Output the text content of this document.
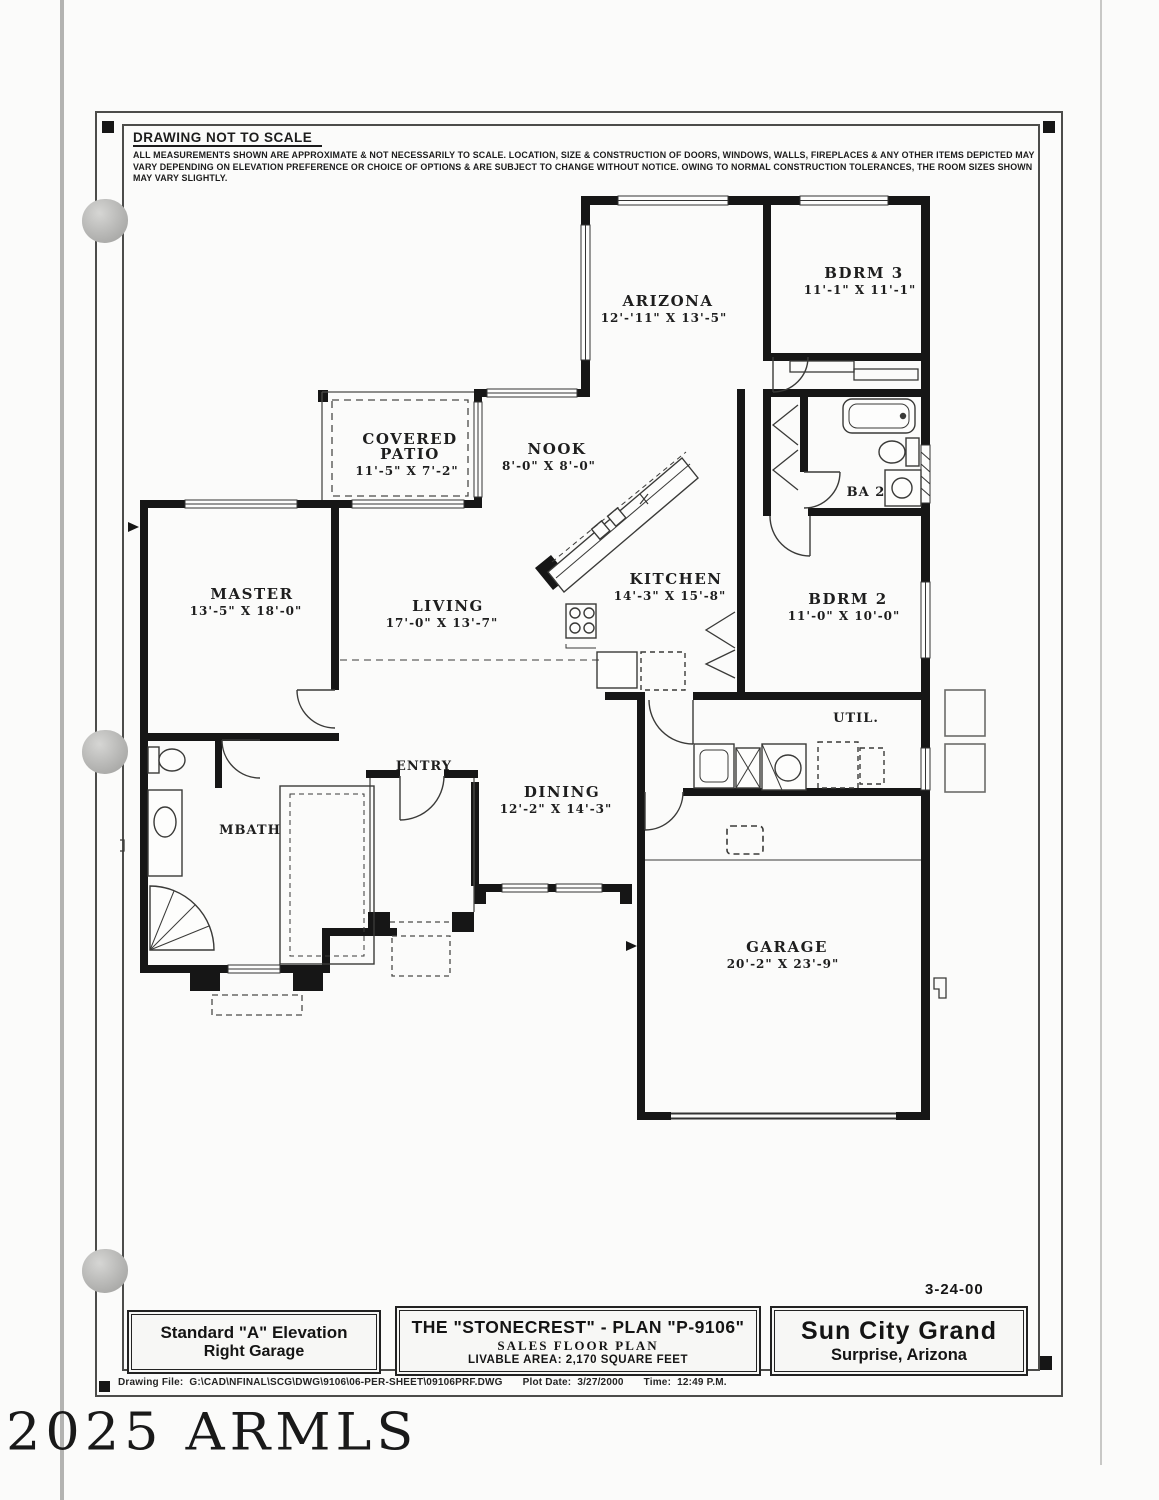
DRAWING NOT TO SCALE
ALL MEASUREMENTS SHOWN ARE APPROXIMATE & NOT NECESSARILY TO SCALE. LOCATION, SIZE & CONSTRUCTION OF DOORS, WINDOWS, WALLS, FIREPLACES & ANY OTHER ITEMS DEPICTED MAY VARY DEPENDING ON ELEVATION PREFERENCE OR CHOICE OF OPTIONS & ARE SUBJECT TO CHANGE WITHOUT NOTICE. OWING TO NORMAL CONSTRUCTION TOLERANCES, THE ROOM SIZES SHOWN MAY VARY SLIGHTLY.
ARIZONA
12'-'11" X 13'-5"
BDRM 3
11'-1" X 11'-1"
COVERED
PATIO
11'-5" X 7'-2"
NOOK
8'-0" X 8'-0"
MASTER
13'-5" X 18'-0"	LIVING
17'-0" X 13'-7"
KITCHEN
14'-3" X 15'-8"	BDRM 2
11'-0" X 10'-0"
BA 2
UTIL.
MBATH
ENTRY
DINING
12'-2" X 14'-3"
GARAGE
20'-2" X 23'-9"
3-24-00
Standard "A" Elevation
Right Garage
THE "STONECREST" - PLAN "P-9106"
SALES FLOOR PLAN
LIVABLE AREA: 2,170 SQUARE FEET
Sun City Grand
Surprise, Arizona
Drawing File: G:\CAD\NFINAL\SCG\DWG\9106\06-PER-SHEET\09106PRF.DWG Plot Date: 3/27/2000 Time: 12:49 P.M.
2025 ARMLS
